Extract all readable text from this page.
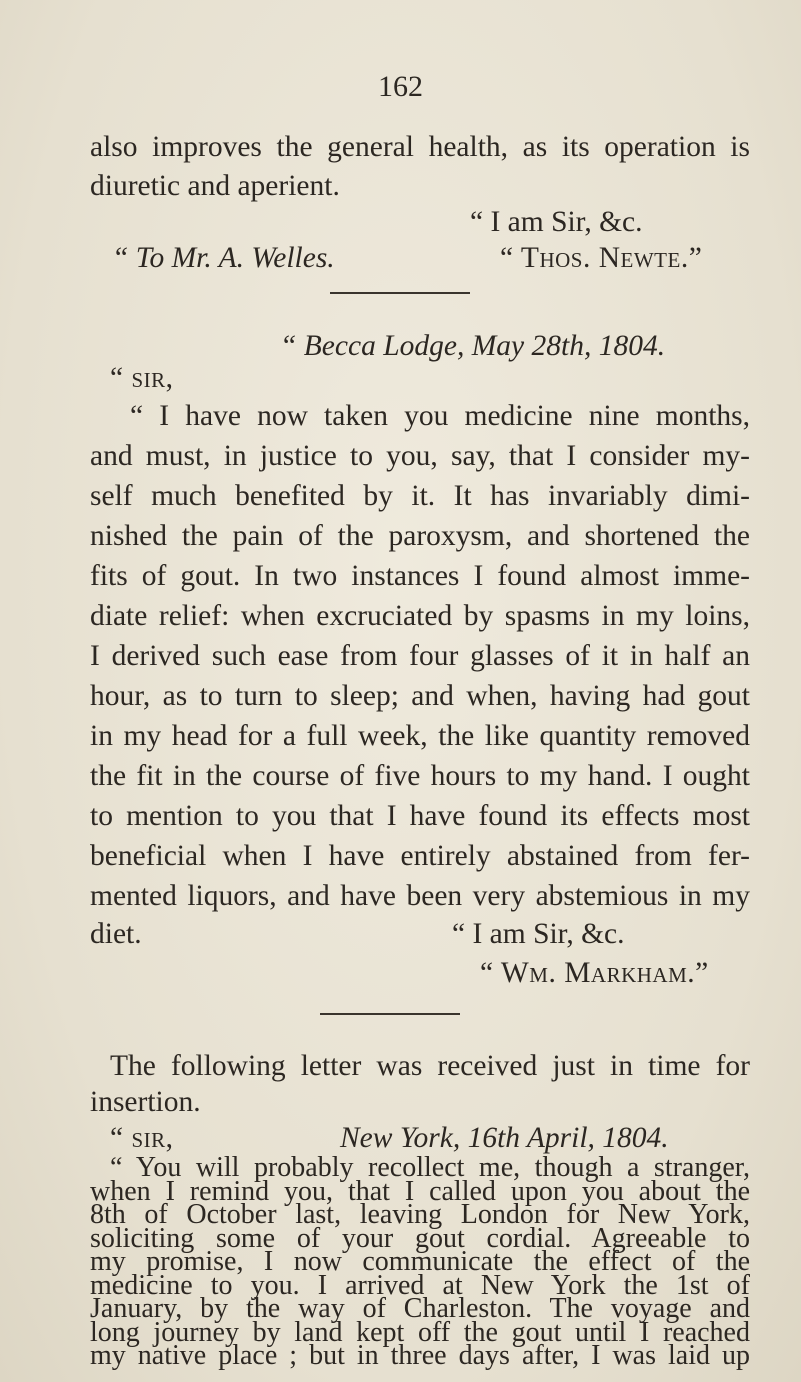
162
also improves the general health, as its operation is
diuretic and aperient.
“ I am Sir, &c.
“ To Mr. A. Welles.	“ Thos. Newte.”
“ Becca Lodge, May 28th, 1804.
“ sir,
“ I have now taken you medicine nine months,
and must, in justice to you, say, that I consider my-
self much benefited by it. It has invariably dimi-
nished the pain of the paroxysm, and shortened the
fits of gout. In two instances I found almost imme-
diate relief: when excruciated by spasms in my loins,
I derived such ease from four glasses of it in half an
hour, as to turn to sleep; and when, having had gout
in my head for a full week, the like quantity removed
the fit in the course of five hours to my hand. I ought
to mention to you that I have found its effects most
beneficial when I have entirely abstained from fer-
mented liquors, and have been very abstemious in my
diet.	“ I am Sir, &c.
“ Wm. Markham.”
The following letter was received just in time for
insertion.
“ sir,	New York, 16th April, 1804.
“ You will probably recollect me, though a stranger,
when I remind you, that I called upon you about the
8th of October last, leaving London for New York,
soliciting some of your gout cordial. Agreeable to
my promise, I now communicate the effect of the
medicine to you. I arrived at New York the 1st of
January, by the way of Charleston. The voyage and
long journey by land kept off the gout until I reached
my native place ; but in three days after, I was laid up
